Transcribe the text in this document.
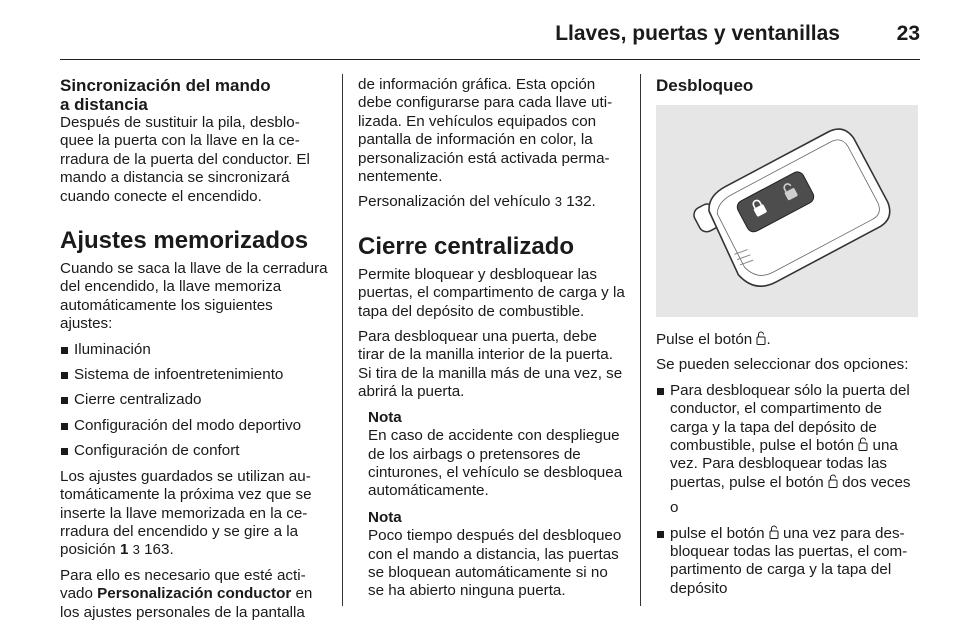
Llaves, puertas y ventanillas	23
Sincronización del mando
a distancia

Después de sustituir la pila, desbloquee la puerta con la llave en la cerradura de la puerta del conductor. El mando a distancia se sincronizará cuando conecte el encendido.

Ajustes memorizados

Cuando se saca la llave de la cerradura del encendido, la llave memoriza automáticamente los siguientes ajustes:

Iluminación
Sistema de infoentretenimiento
Cierre centralizado
Configuración del modo deportivo
Configuración de confort

Los ajustes guardados se utilizan automáticamente la próxima vez que se inserte la llave memorizada en la cerradura del encendido y se gire a la posición 1 3 163.

Para ello es necesario que esté activado Personalización conductor en los ajustes personales de la pantalla

de información gráfica. Esta opción debe configurarse para cada llave utilizada. En vehículos equipados con pantalla de información en color, la personalización está activada permanentemente.

Personalización del vehículo 3 132.

Cierre centralizado

Permite bloquear y desbloquear las puertas, el compartimento de carga y la tapa del depósito de combustible.

Para desbloquear una puerta, debe tirar de la manilla interior de la puerta. Si tira de la manilla más de una vez, se abrirá la puerta.

Nota
En caso de accidente con despliegue de los airbags o pretensores de cinturones, el vehículo se desbloquea automáticamente.
Nota
Poco tiempo después del desbloqueo con el mando a distancia, las puertas se bloquean automáticamente si no se ha abierto ninguna puerta.
Desbloqueo

Pulse el botón .

Se pueden seleccionar dos opciones:

Para desbloquear sólo la puerta del conductor, el compartimento de carga y la tapa del depósito de combustible, pulse el botón  una vez. Para desbloquear todas las puertas, pulse el botón  dos veces

o

pulse el botón  una vez para desbloquear todas las puertas, el compartimento de carga y la tapa del depósito
